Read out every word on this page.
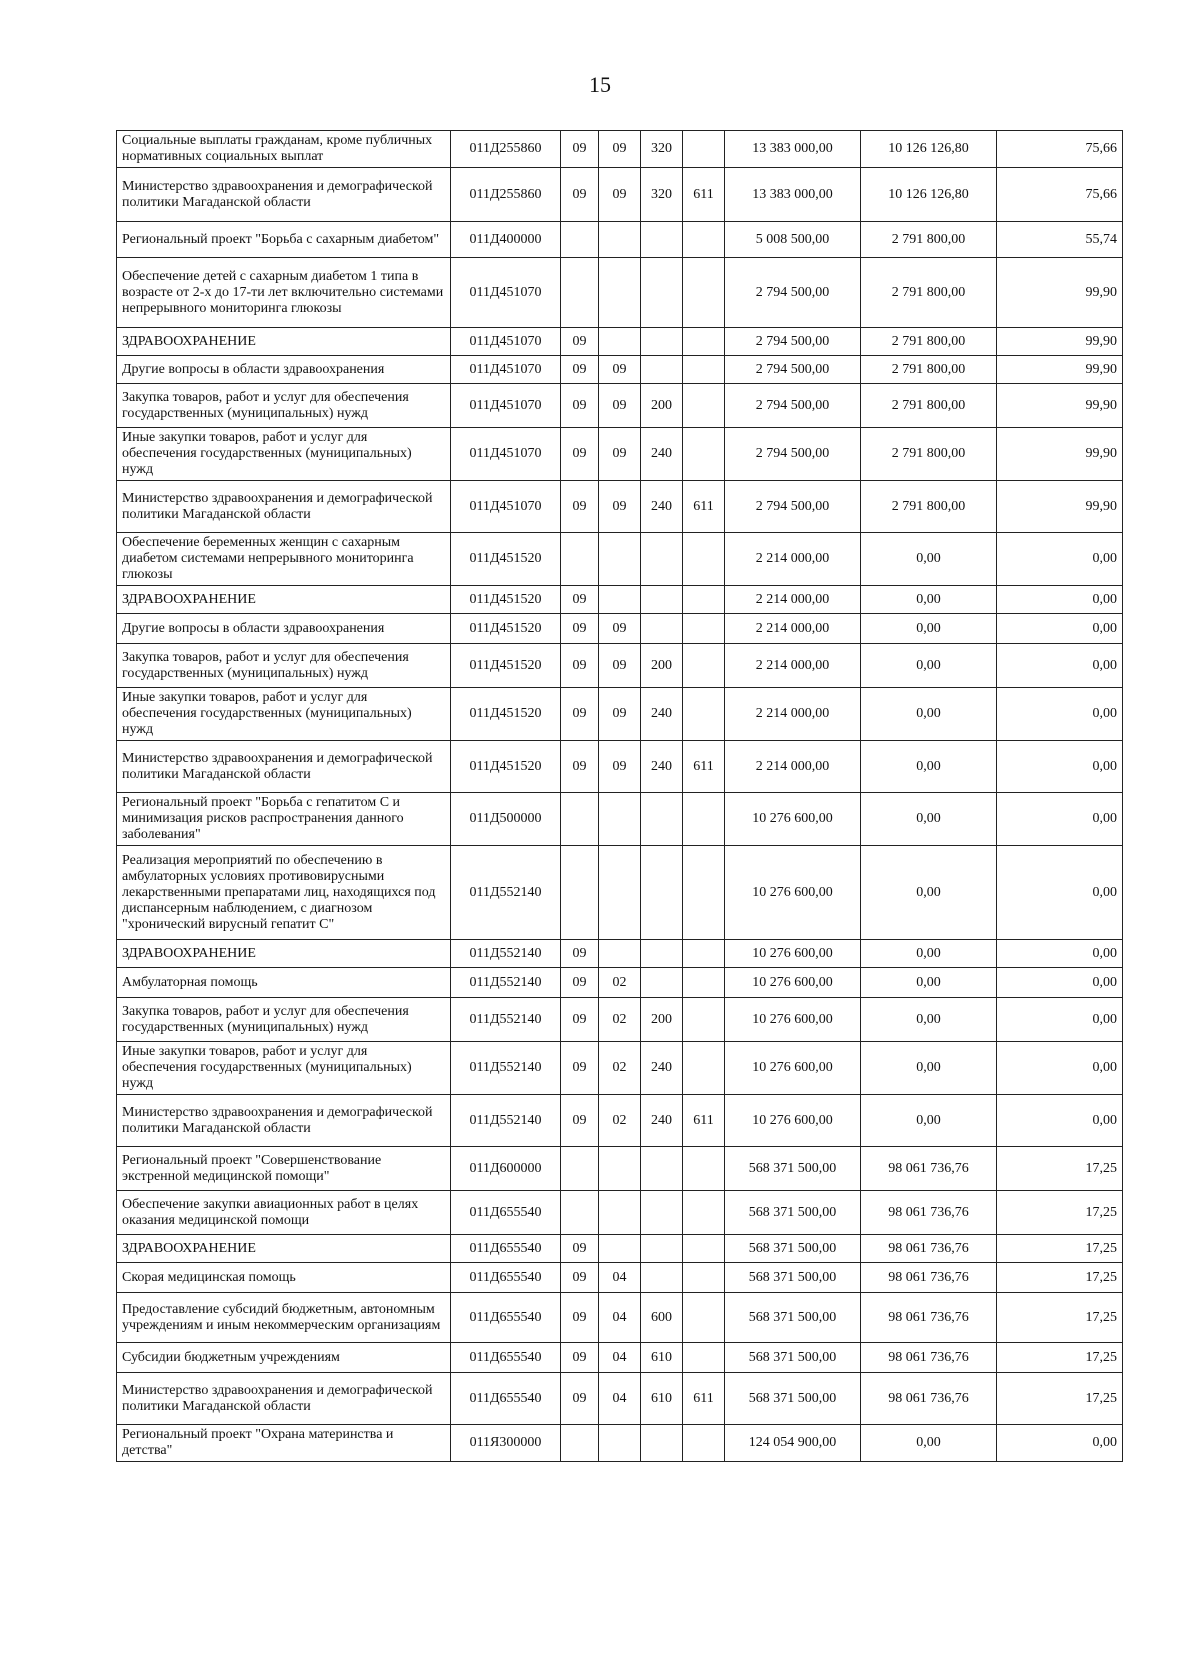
15
Социальные выплаты гражданам, кроме публичных нормативных социальных выплат	011Д255860	09	09	320		13 383 000,00	10 126 126,80	75,66
Министерство здравоохранения и демографической политики Магаданской области	011Д255860	09	09	320	611	13 383 000,00	10 126 126,80	75,66
Региональный проект "Борьба с сахарным диабетом"	011Д400000					5 008 500,00	2 791 800,00	55,74
Обеспечение детей с сахарным диабетом 1 типа в возрасте от 2-х до 17-ти лет включительно системами непрерывного мониторинга глюкозы	011Д451070					2 794 500,00	2 791 800,00	99,90
ЗДРАВООХРАНЕНИЕ	011Д451070	09				2 794 500,00	2 791 800,00	99,90
Другие вопросы в области здравоохранения	011Д451070	09	09			2 794 500,00	2 791 800,00	99,90
Закупка товаров, работ и услуг для обеспечения государственных (муниципальных) нужд	011Д451070	09	09	200		2 794 500,00	2 791 800,00	99,90
Иные закупки товаров, работ и услуг для обеспечения государственных (муниципальных) нужд	011Д451070	09	09	240		2 794 500,00	2 791 800,00	99,90
Министерство здравоохранения и демографической политики Магаданской области	011Д451070	09	09	240	611	2 794 500,00	2 791 800,00	99,90
Обеспечение беременных женщин с сахарным диабетом системами непрерывного мониторинга глюкозы	011Д451520					2 214 000,00	0,00	0,00
ЗДРАВООХРАНЕНИЕ	011Д451520	09				2 214 000,00	0,00	0,00
Другие вопросы в области здравоохранения	011Д451520	09	09			2 214 000,00	0,00	0,00
Закупка товаров, работ и услуг для обеспечения государственных (муниципальных) нужд	011Д451520	09	09	200		2 214 000,00	0,00	0,00
Иные закупки товаров, работ и услуг для обеспечения государственных (муниципальных) нужд	011Д451520	09	09	240		2 214 000,00	0,00	0,00
Министерство здравоохранения и демографической политики Магаданской области	011Д451520	09	09	240	611	2 214 000,00	0,00	0,00
Региональный проект "Борьба с гепатитом С и минимизация рисков распространения данного заболевания"	011Д500000					10 276 600,00	0,00	0,00
Реализация мероприятий по обеспечению в амбулаторных условиях противовирусными лекарственными препаратами лиц, находящихся под диспансерным наблюдением, с диагнозом "хронический вирусный гепатит С"	011Д552140					10 276 600,00	0,00	0,00
ЗДРАВООХРАНЕНИЕ	011Д552140	09				10 276 600,00	0,00	0,00
Амбулаторная помощь	011Д552140	09	02			10 276 600,00	0,00	0,00
Закупка товаров, работ и услуг для обеспечения государственных (муниципальных) нужд	011Д552140	09	02	200		10 276 600,00	0,00	0,00
Иные закупки товаров, работ и услуг для обеспечения государственных (муниципальных) нужд	011Д552140	09	02	240		10 276 600,00	0,00	0,00
Министерство здравоохранения и демографической политики Магаданской области	011Д552140	09	02	240	611	10 276 600,00	0,00	0,00
Региональный проект "Совершенствование экстренной медицинской помощи"	011Д600000					568 371 500,00	98 061 736,76	17,25
Обеспечение закупки авиационных работ в целях оказания медицинской помощи	011Д655540					568 371 500,00	98 061 736,76	17,25
ЗДРАВООХРАНЕНИЕ	011Д655540	09				568 371 500,00	98 061 736,76	17,25
Скорая медицинская помощь	011Д655540	09	04			568 371 500,00	98 061 736,76	17,25
Предоставление субсидий бюджетным, автономным учреждениям и иным некоммерческим организациям	011Д655540	09	04	600		568 371 500,00	98 061 736,76	17,25
Субсидии бюджетным учреждениям	011Д655540	09	04	610		568 371 500,00	98 061 736,76	17,25
Министерство здравоохранения и демографической политики Магаданской области	011Д655540	09	04	610	611	568 371 500,00	98 061 736,76	17,25
Региональный проект "Охрана материнства и детства"	011Я300000					124 054 900,00	0,00	0,00
